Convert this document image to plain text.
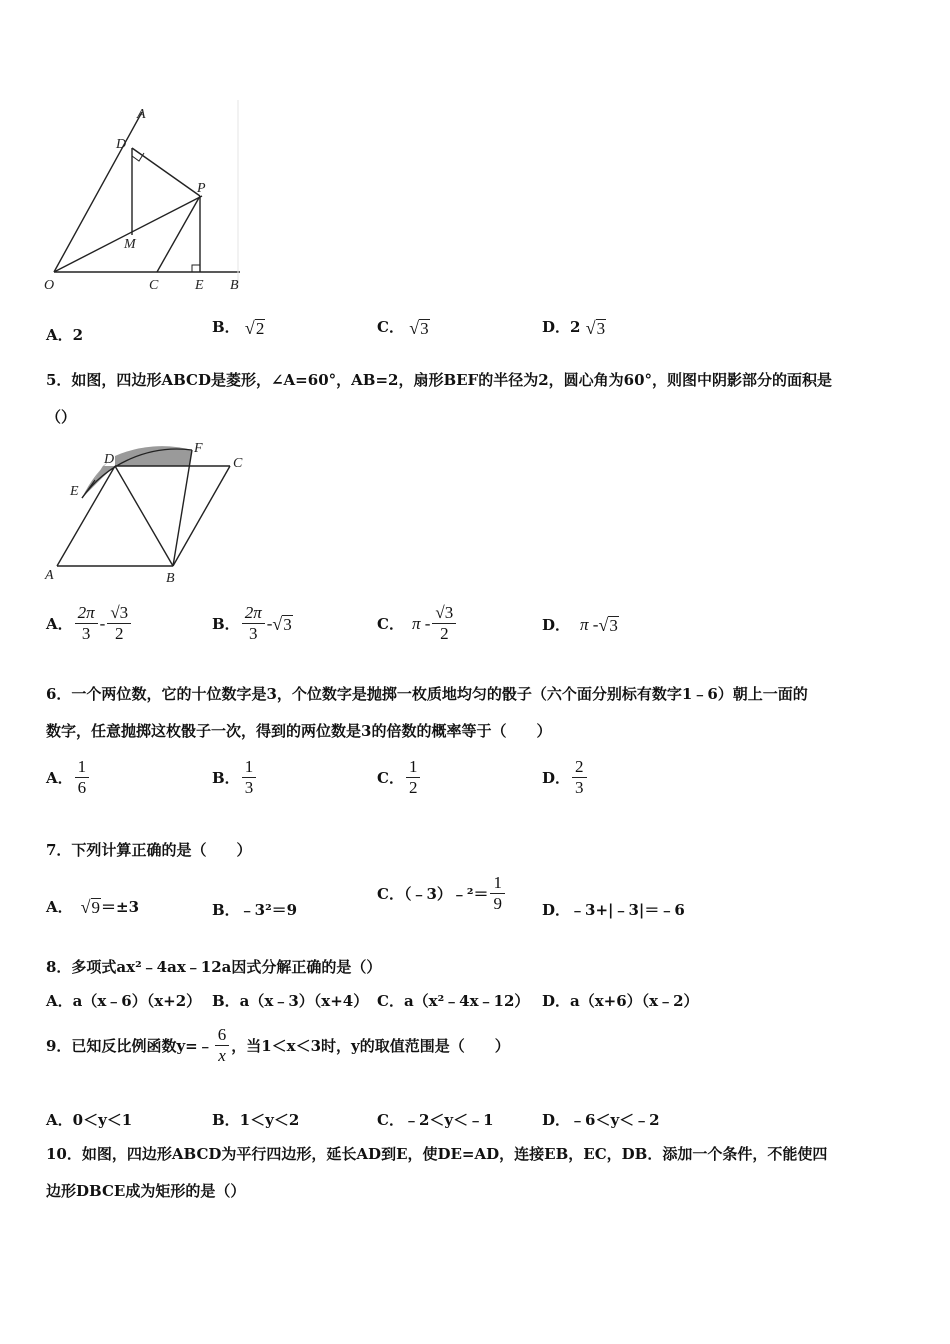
A
D
P
M
O	C	E B
A．2	B． √ 2	C． √ 3	D．2 √ 3
5．如图，四边形ABCD是菱形，∠A=60°，AB=2，扇形BEF的半径为2，圆心角为60°，则图中阴影部分的面积是
（）
D
F
C
E
A	B
A． $\frac{2\pi}{3} - \frac{√3}{2}$	B． $\frac{2\pi}{3}$ - √ 3	C． π - $\frac{√3}{2}$	D． π - √ 3
6．一个两位数，它的十位数字是3，个位数字是抛掷一枚质地均匀的骰子（六个面分别标有数字1﹣6）朝上一面的
数字，任意抛掷这枚骰子一次，得到的两位数是3的倍数的概率等于（　　）
A． $\frac{1}{6}$	B． $\frac{1}{3}$	C． $\frac{1}{2}$	D． $\frac{2}{3}$
7．下列计算正确的是（　　）
A． √ 9 ＝±3	B．﹣3²＝9
C．（﹣3）﹣²＝ $\frac{1}{9}$ D．﹣3+|﹣3|＝﹣6
8．多项式ax²﹣4ax﹣12a因式分解正确的是（）
A．a（x﹣6）（x+2） B．a（x﹣3）（x+4） C．a（x²﹣4x﹣12） D．a（x+6）（x﹣2）
9．已知反比例函数y=﹣ $\frac{6}{x}$ ，当1＜x＜3时，y的取值范围是（　　）
A．0＜y＜1	B．1＜y＜2	C．﹣2＜y＜﹣1	D．﹣6＜y＜﹣2
10．如图，四边形ABCD为平行四边形，延长AD到E，使DE=AD，连接EB，EC，DB．添加一个条件，不能使四
边形DBCE成为矩形的是（）
